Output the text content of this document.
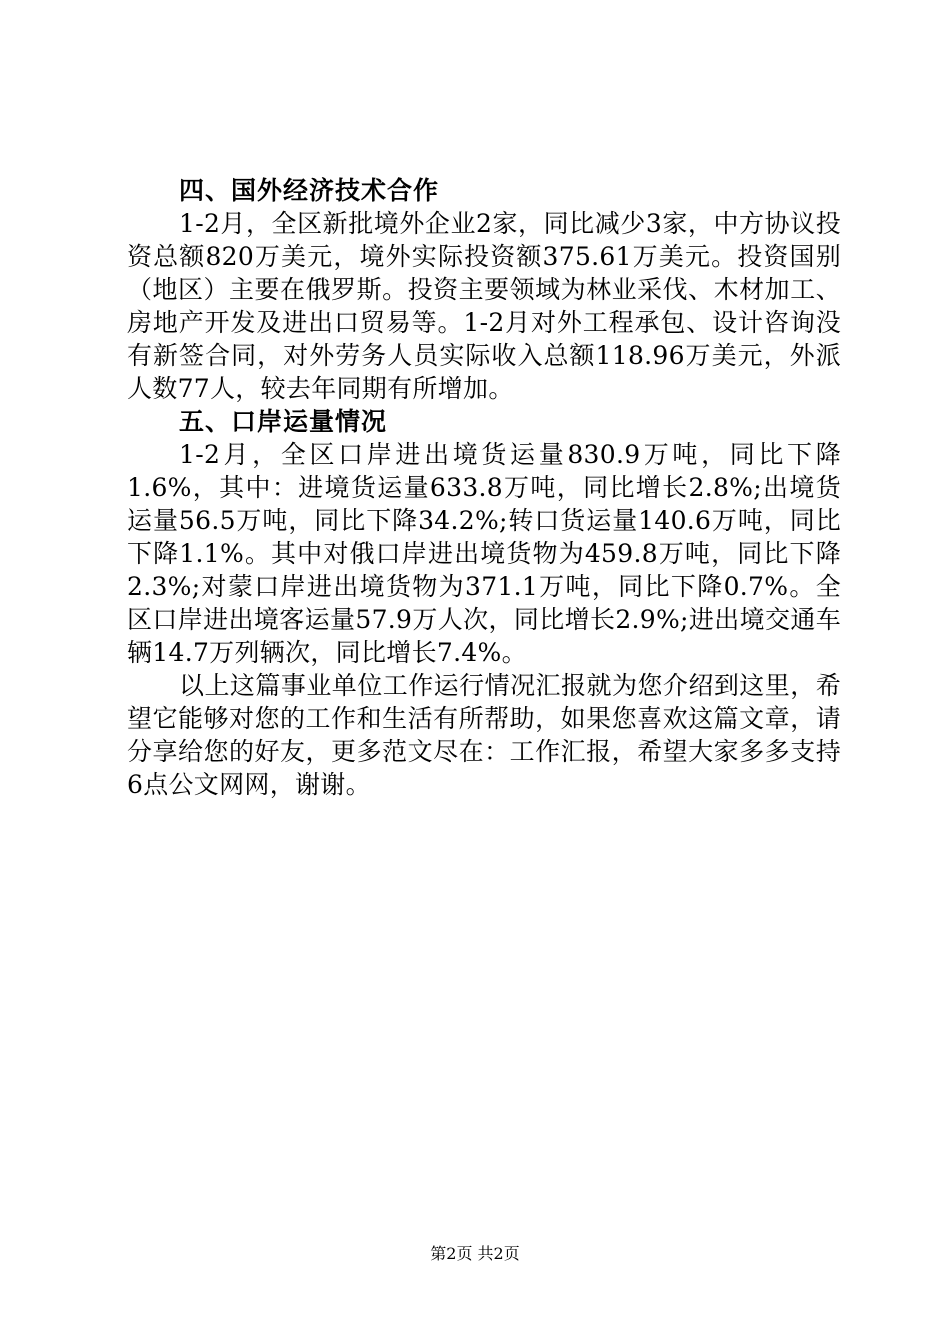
四、国外经济技术合作

1-2月，全区新批境外企业2家，同比减少3家，中方协议投资总额820万美元，境外实际投资额375.61万美元。投资国别（地区）主要在俄罗斯。投资主要领域为林业采伐、木材加工、房地产开发及进出口贸易等。1-2月对外工程承包、设计咨询没有新签合同，对外劳务人员实际收入总额118.96万美元，外派人数77人，较去年同期有所增加。

五、口岸运量情况

1-2月，全区口岸进出境货运量830.9万吨，同比下降1.6%，其中：进境货运量633.8万吨，同比增长2.8%;出境货运量56.5万吨，同比下降34.2%;转口货运量140.6万吨，同比下降1.1%。其中对俄口岸进出境货物为459.8万吨，同比下降2.3%;对蒙口岸进出境货物为371.1万吨，同比下降0.7%。全区口岸进出境客运量57.9万人次，同比增长2.9%;进出境交通车辆14.7万列辆次，同比增长7.4%。

以上这篇事业单位工作运行情况汇报就为您介绍到这里，希望它能够对您的工作和生活有所帮助，如果您喜欢这篇文章，请分享给您的好友，更多范文尽在：工作汇报，希望大家多多支持6点公文网网，谢谢。

第2页 共2页
